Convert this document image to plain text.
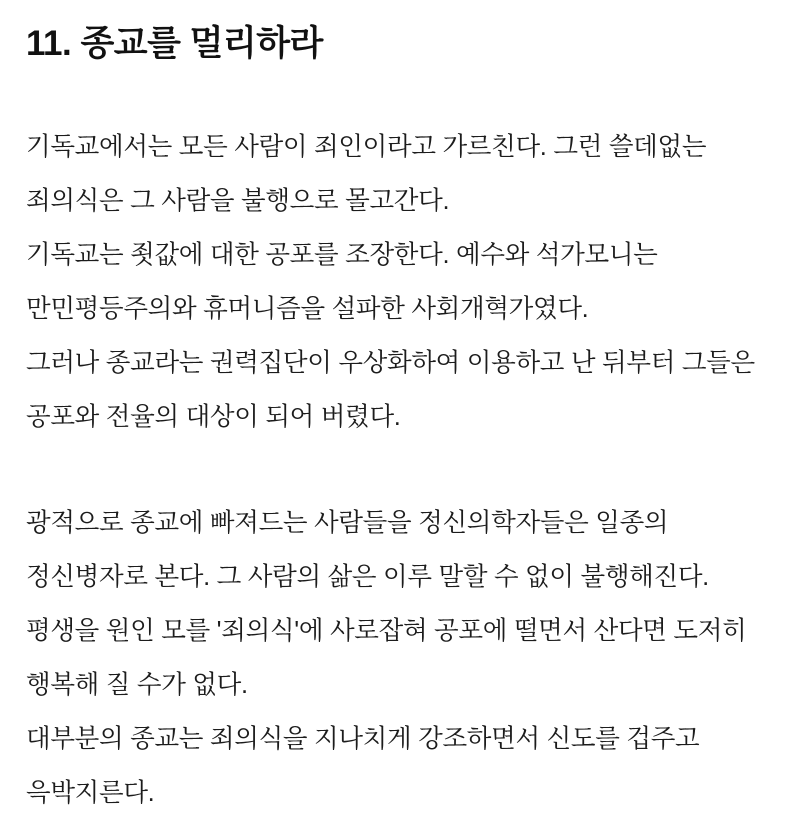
11. 종교를 멀리하라

기독교에서는 모든 사람이 죄인이라고 가르친다. 그런 쓸데없는 죄의식은 그 사람을 불행으로 몰고간다.

기독교는 죗값에 대한 공포를 조장한다. 예수와 석가모니는 만민평등주의와 휴머니즘을 설파한 사회개혁가였다.

그러나 종교라는 권력집단이 우상화하여 이용하고 난 뒤부터 그들은 공포와 전율의 대상이 되어 버렸다.

광적으로 종교에 빠져드는 사람들을 정신의학자들은 일종의 정신병자로 본다. 그 사람의 삶은 이루 말할 수 없이 불행해진다.

평생을 원인 모를 '죄의식'에 사로잡혀 공포에 떨면서 산다면 도저히 행복해 질 수가 없다.

대부분의 종교는 죄의식을 지나치게 강조하면서 신도를 겁주고 윽박지른다.
